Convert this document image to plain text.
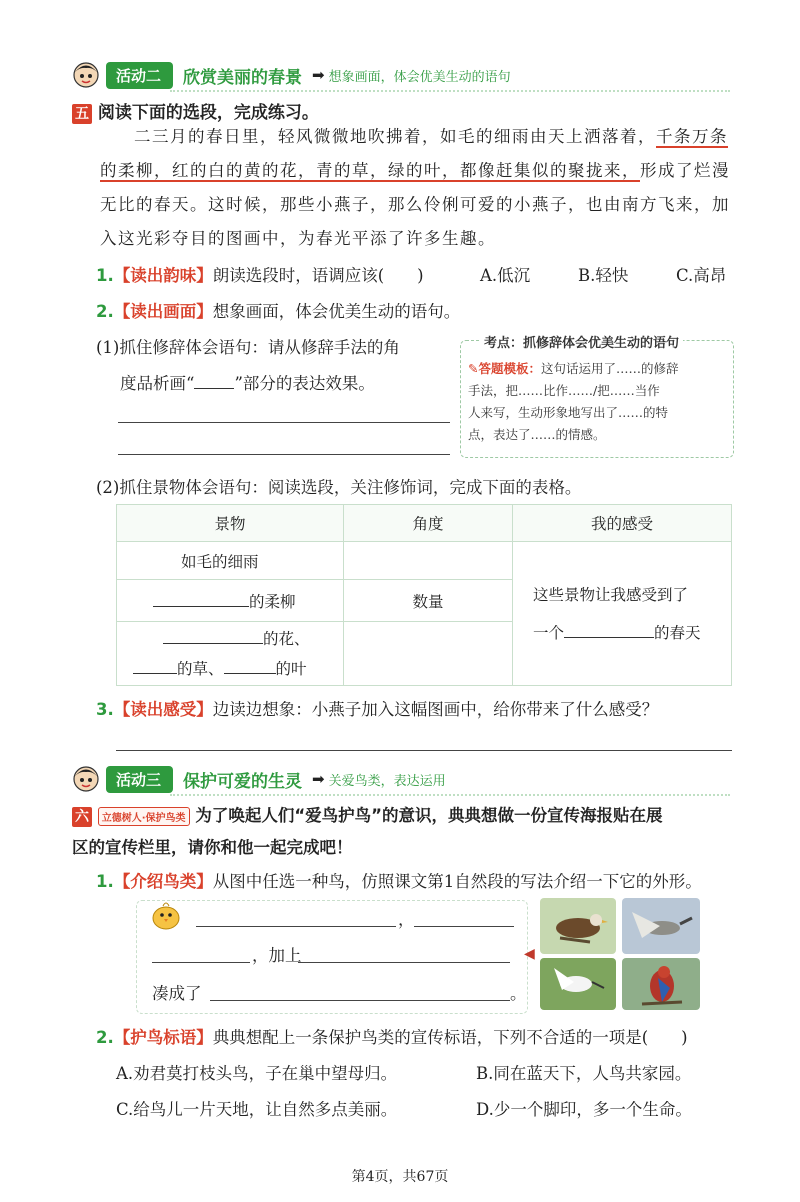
活动二	欣赏美丽的春景 ➡ 想象画面，体会优美生动的语句
五 阅读下面的选段，完成练习。
二三月的春日里，轻风微微地吹拂着，如毛的细雨由天上洒落着，千条万条
的柔柳，红的白的黄的花，青的草，绿的叶，都像赶集似的聚拢来，形成了烂漫
无比的春天。这时候，那些小燕子，那么伶俐可爱的小燕子，也由南方飞来，加
入这光彩夺目的图画中，为春光平添了许多生趣。
1.【读出韵味】朗读选段时，语调应该(　　)	A.低沉	B.轻快	C.高昂
2.【读出画面】想象画面，体会优美生动的语句。
(1)抓住修辞体会语句：请从修辞手法的角
度品析画“ ”部分的表达效果。
考点：抓修辞体会优美生动的语句
✎答题模板：这句话运用了……的修辞
手法，把……比作……/把……当作
人来写，生动形象地写出了……的特
点，表达了……的情感。
(2)抓住景物体会语句：阅读选段，关注修饰词，完成下面的表格。
景物	角度	我的感受
如毛的细雨		这些景物让我感受到了
一个 的春天

的柔柳	数量	

的花、
的草、 的叶		

3.【读出感受】边读边想象：小燕子加入这幅图画中，给你带来了什么感受？
活动三	保护可爱的生灵 ➡ 关爱鸟类，表达运用
六 立德树人·保护鸟类 为了唤起人们“爱鸟护鸟”的意识，典典想做一份宣传海报贴在展
区的宣传栏里，请你和他一起完成吧！
1.【介绍鸟类】从图中任选一种鸟，仿照课文第1自然段的写法介绍一下它的外形。
，
，加上
凑成了	。
◀
2.【护鸟标语】典典想配上一条保护鸟类的宣传标语，下列不合适的一项是(　　)
A.劝君莫打枝头鸟，子在巢中望母归。	B.同在蓝天下，人鸟共家园。
C.给鸟儿一片天地，让自然多点美丽。	D.少一个脚印，多一个生命。
第4页，共67页
